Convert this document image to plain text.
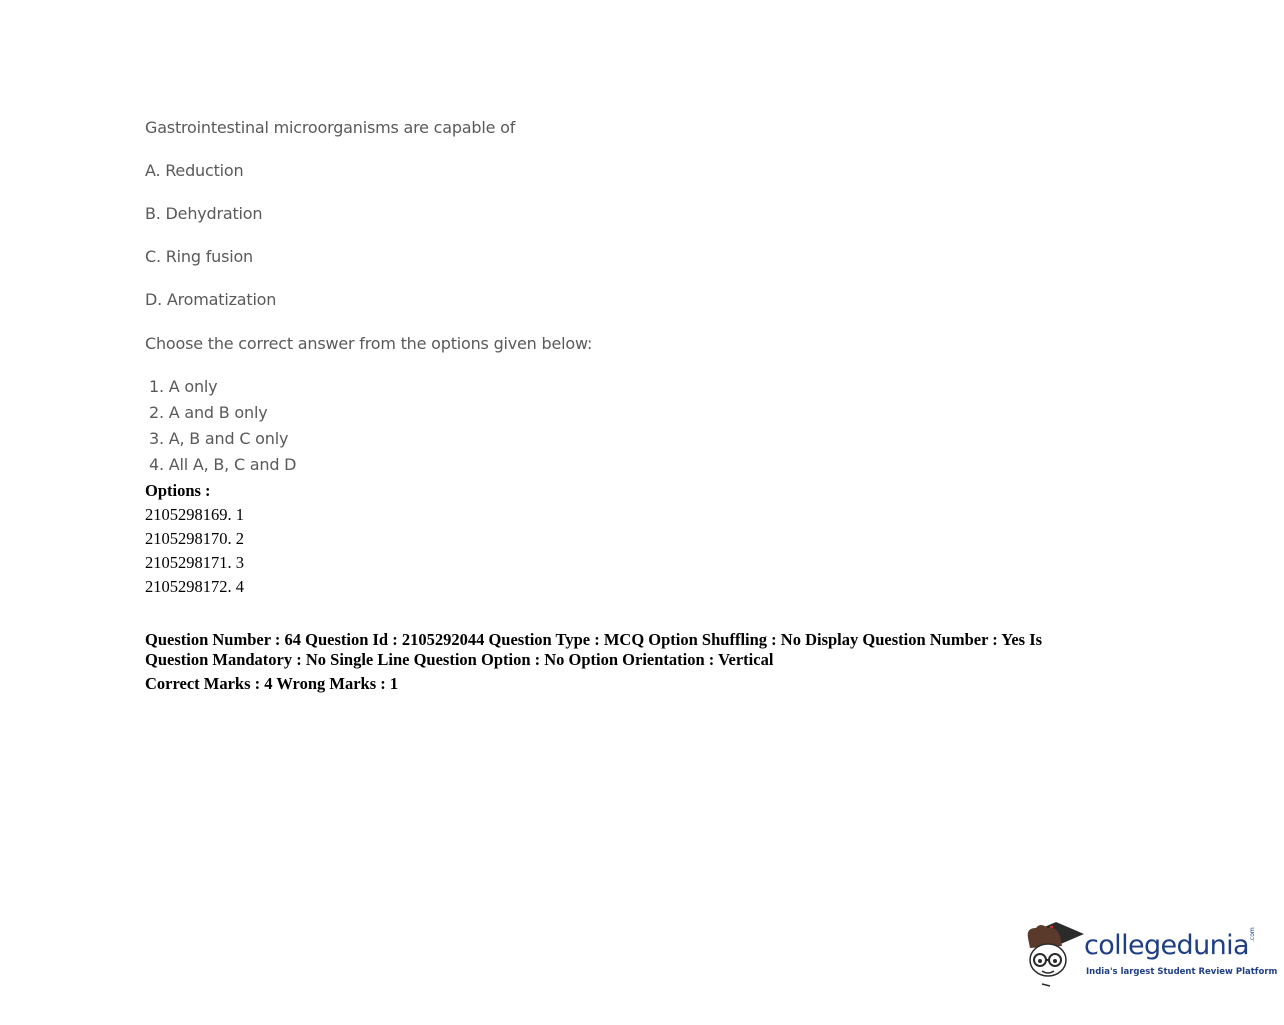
Gastrointestinal microorganisms are capable of
A. Reduction
B. Dehydration
C. Ring fusion
D. Aromatization
Choose the correct answer from the options given below:
1. A only
2. A and B only
3. A, B and C only
4. All A, B, C and D
Options :
2105298169. 1
2105298170. 2
2105298171. 3
2105298172. 4
Question Number : 64 Question Id : 2105292044 Question Type : MCQ Option Shuffling : No Display Question Number : Yes Is
Question Mandatory : No Single Line Question Option : No Option Orientation : Vertical
Correct Marks : 4 Wrong Marks : 1
collegedunia .com
India's largest Student Review Platform
